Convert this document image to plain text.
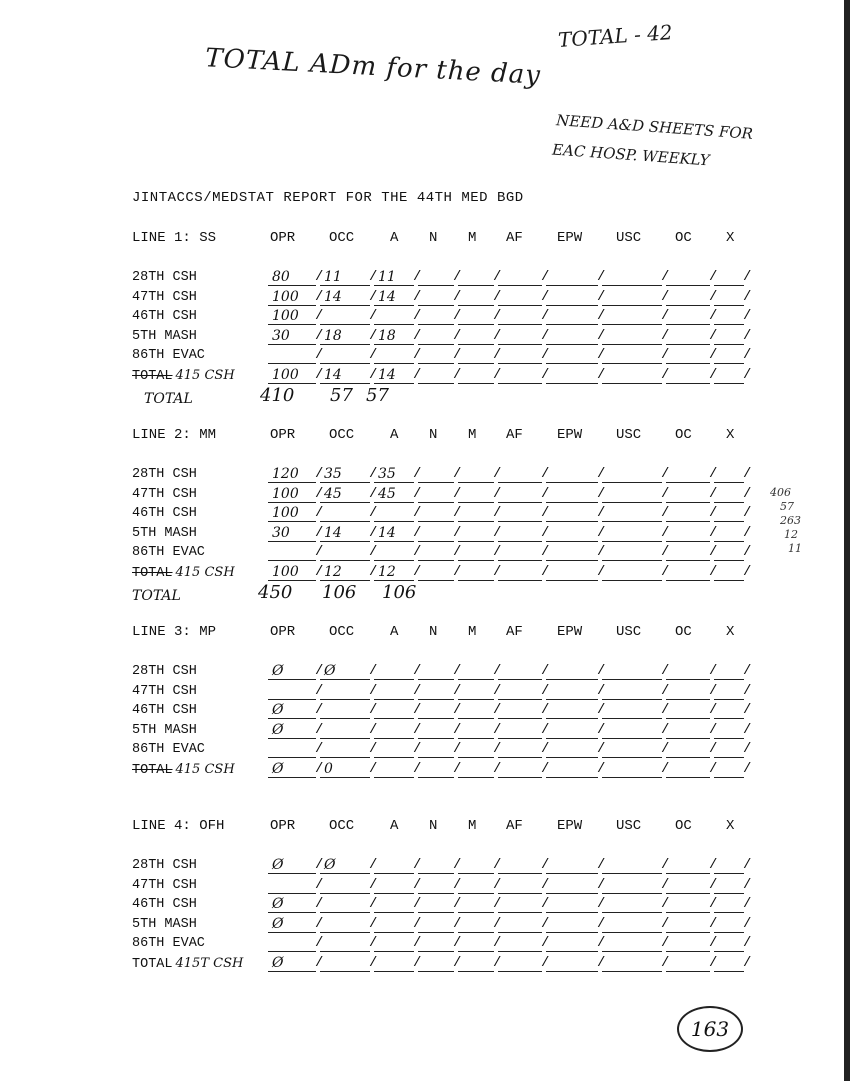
TOTAL - 42
TOTAL ADm for the day
NEED A&D SHEETS FOR
EAC HOSP. WEEKLY
JINTACCS/MEDSTAT REPORT FOR THE 44TH MED BGD
LINE 1: SS	OPR OCC	A N M AF EPW USC OC X
28TH CSH	80 / 11 / 11 / / /	/	/	/	/ /
47TH CSH	100 / 14 / 14 / / /	/	/	/	/ /
46TH CSH	100 /	/	/ / /	/	/	/	/ /
5TH MASH	30 / 18 / 18 / / /	/	/	/	/ /
86TH EVAC	/	/	/ / /	/	/	/	/ /
TOTAL 415 CSH	100 / 14 / 14 / / /	/	/	/	/ /
TOTAL	410 57 57
LINE 2: MM	OPR OCC	A N M AF EPW USC OC X
28TH CSH	120 / 35 / 35 / / /	/	/	/	/ /
47TH CSH	100 / 45 / 45 / / /	/	/	/	/ /
46TH CSH	100 /	/	/ / /	/	/	/	/ /
5TH MASH	30 / 14 / 14 / / /	/	/	/	/ /
86TH EVAC	/	/	/ / /	/	/	/	/ /
TOTAL 415 CSH	100 / 12 / 12 / / /	/	/	/	/ /
TOTAL	450 106 106
LINE 3: MP	OPR OCC	A N M AF EPW USC OC X
28TH CSH	Ø / Ø /	/ / /	/	/	/	/ /
47TH CSH	/	/	/ / /	/	/	/	/ /
46TH CSH	Ø /	/	/ / /	/	/	/	/ /
5TH MASH	Ø /	/	/ / /	/	/	/	/ /
86TH EVAC	/	/	/ / /	/	/	/	/ /
TOTAL 415 CSH	Ø / 0	/	/ / /	/	/	/	/ /
LINE 4: OFH	OPR OCC	A N M AF EPW USC OC X
28TH CSH	Ø / Ø /	/ / /	/	/	/	/ /
47TH CSH	/	/	/ / /	/	/	/	/ /
46TH CSH	Ø /	/	/ / /	/	/	/	/ /
5TH MASH	Ø /	/	/ / /	/	/	/	/ /
86TH EVAC	/	/	/ / /	/	/	/	/ /
TOTAL 415T CSH Ø /	/	/ / /	/	/	/	/ /
406
57
263
12
11
163
